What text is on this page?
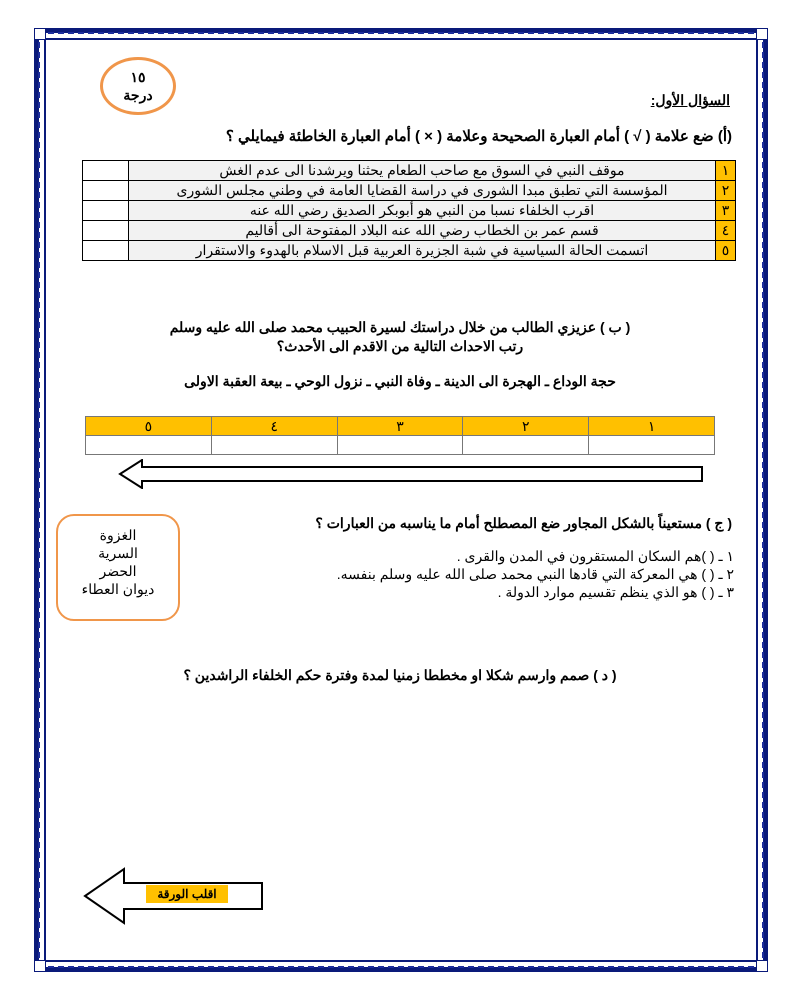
١٥
درجة	السؤال الأول:
(أ) ضع علامة ( √ ) أمام العبارة الصحيحة وعلامة ( × ) أمام العبارة الخاطئة فيمايلي ؟
١	موقف النبي في السوق مع صاحب الطعام يحثنا ويرشدنا الى عدم الغش	
٢	المؤسسة التي تطبق مبدا الشورى في دراسة القضايا العامة في وطني مجلس الشورى	
٣	اقرب الخلفاء نسبا من النبي هو أبوبكر الصديق رضي الله عنه	
٤	قسم عمر بن الخطاب رضي الله عنه البلاد المفتوحة الى أقاليم	
٥	اتسمت الحالة السياسية في شبة الجزيرة العربية قبل الاسلام بالهدوء والاستقرار	
( ب ) عزيزي الطالب من خلال دراستك لسيرة الحبيب محمد صلى الله عليه وسلم
رتب الاحداث التالية من الاقدم الى الأحدث؟
حجة الوداع ـ الهجرة الى الدينة ـ وفاة النبي ـ نزول الوحي ـ بيعة العقبة الاولى
١	٢	٣	٤	٥

( ج ) مستعيناً بالشكل المجاور ضع المصطلح أمام ما يناسبه من العبارات ؟
١ ـ ( )هم السكان المستقرون في المدن والقرى .
٢ ـ ( ) هي المعركة التي قادها النبي محمد صلى الله عليه وسلم بنفسه.
٣ ـ ( ) هو الذي ينظم تقسيم موارد الدولة .
الغزوة
السرية
الحضر
ديوان العطاء
( د ) صمم وارسم شكلا او مخططا زمنيا لمدة وفترة حكم الخلفاء الراشدين ؟
اقلب الورقة
